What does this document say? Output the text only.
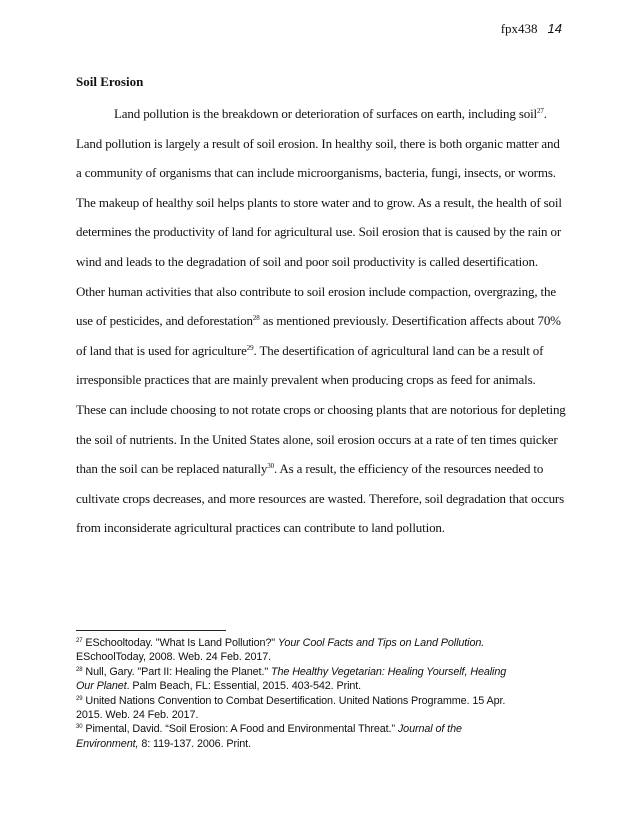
fpx438 14
Soil Erosion
Land pollution is the breakdown or deterioration of surfaces on earth, including soil$^{27}$.
Land pollution is largely a result of soil erosion. In healthy soil, there is both organic matter and
a community of organisms that can include microorganisms, bacteria, fungi, insects, or worms.
The makeup of healthy soil helps plants to store water and to grow. As a result, the health of soil
determines the productivity of land for agricultural use. Soil erosion that is caused by the rain or
wind and leads to the degradation of soil and poor soil productivity is called desertification.
Other human activities that also contribute to soil erosion include compaction, overgrazing, the
use of pesticides, and deforestation$^{28}$ as mentioned previously. Desertification affects about 70%
of land that is used for agriculture$^{29}$. The desertification of agricultural land can be a result of
irresponsible practices that are mainly prevalent when producing crops as feed for animals.
These can include choosing to not rotate crops or choosing plants that are notorious for depleting
the soil of nutrients. In the United States alone, soil erosion occurs at a rate of ten times quicker
than the soil can be replaced naturally$^{30}$. As a result, the efficiency of the resources needed to
cultivate crops decreases, and more resources are wasted. Therefore, soil degradation that occurs
from inconsiderate agricultural practices can contribute to land pollution.
$^{27}$ ESchooltoday. "What Is Land Pollution?" Your Cool Facts and Tips on Land Pollution.
ESchoolToday, 2008. Web. 24 Feb. 2017.
$^{28}$ Null, Gary. "Part II: Healing the Planet." The Healthy Vegetarian: Healing Yourself, Healing
Our Planet. Palm Beach, FL: Essential, 2015. 403-542. Print.
$^{29}$ United Nations Convention to Combat Desertification. United Nations Programme. 15 Apr.
2015. Web. 24 Feb. 2017.
$^{30}$ Pimental, David. “Soil Erosion: A Food and Environmental Threat.” Journal of the
Environment, 8: 119-137. 2006. Print.
